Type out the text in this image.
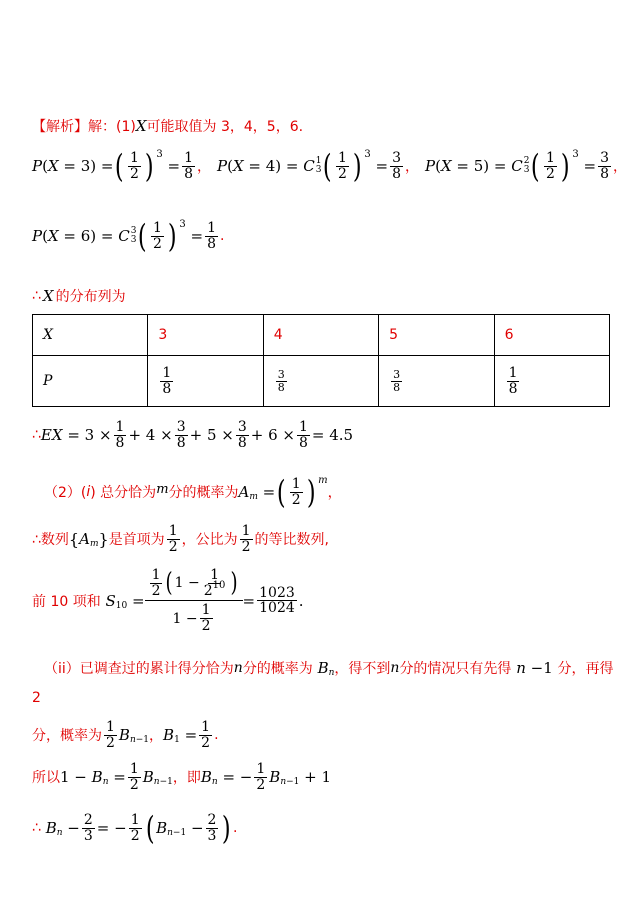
【解析】 解：(1) X 可能取值为 3，4，5，6.
P(X = 3) = ( $\frac{1}{2}$ ) 3
= $\frac{1}{8}$ ， P(X = 4) = C 1
3 ( $\frac{1}{2}$ ) 3
= $\frac{3}{8}$ ， P(X = 5) = C 2
3 ( $\frac{1}{2}$ ) 3
= $\frac{3}{8}$ ，
P(X = 6) = C 3
3 ( $\frac{1}{2}$ ) 3
= $\frac{1}{8}$ .
∴ X 的分布列为
X	3	4	5	6
P	$\frac{1}{8}$	$\frac{3}{8}$	$\frac{3}{8}$	$\frac{1}{8}$
∴ EX = $3 \times \frac{1}{8} + 4 \times \frac{3}{8} + 5 \times \frac{3}{8} + 6 \times \frac{1}{8} = 4.5$
（2）( i ) 总分恰为 m 分的概率为 A m = ( $\frac{1}{2}$ ) m
，
∴数列 { A m } 是首项为 $\frac{1}{2}$ ，公比为 $\frac{1}{2}$ 的等比数列,
前 10 项和 S $10 = \frac{\frac{1}{2} ( 1 - \frac{1}{2^{10}} )}{1 - \frac{1}{2}} = \frac{1023}{1024}$ .
（ii）已调查过的累计得分恰为 n 分的概率为 B n ，得不到 n 分的情况只有先得 n −1 分，再得
2
分，概率为 $\frac{1}{2}$ B n−1 ， B $1 = \frac{1}{2}$ .
所以 1 − B $n = \frac{1}{2}$ B n−1 ，即 B n = − $\frac{1}{2}$ B n−1 + 1
∴ B $n - \frac{2}{3}$ = − $\frac{1}{2}$ ( B $n-1 - \frac{2}{3}$ ) .
